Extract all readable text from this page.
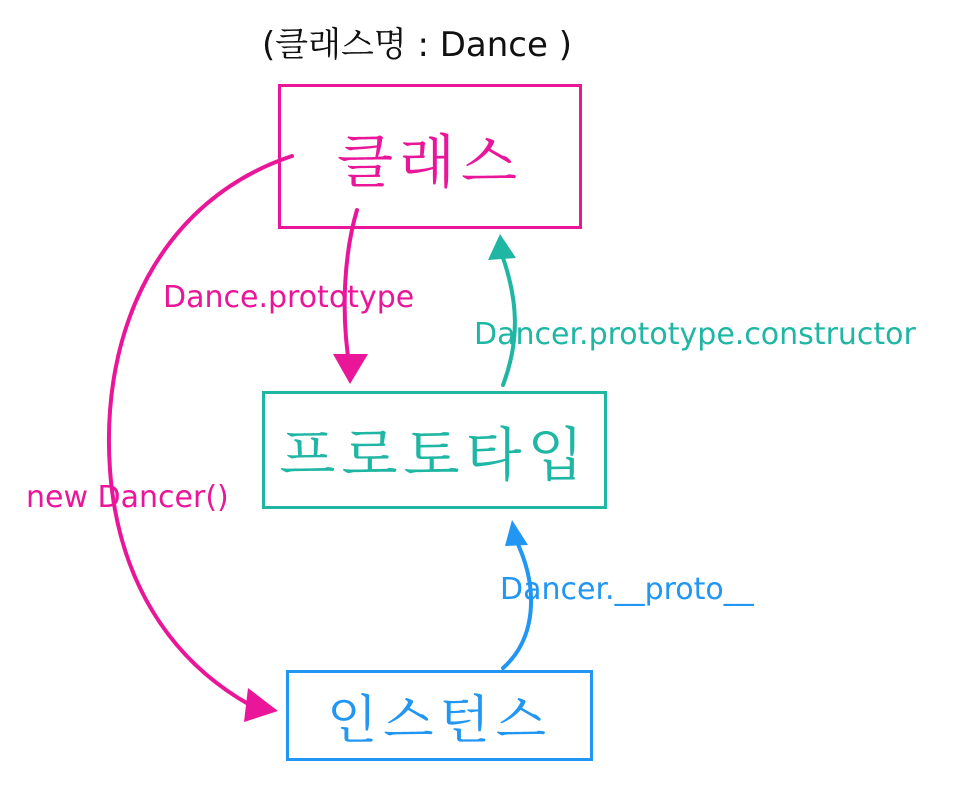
(클래스명 : Dance )
클래스
프로토타입
인스턴스
Dance.prototype
Dancer.prototype.constructor
new Dancer()
Dancer.__proto__
